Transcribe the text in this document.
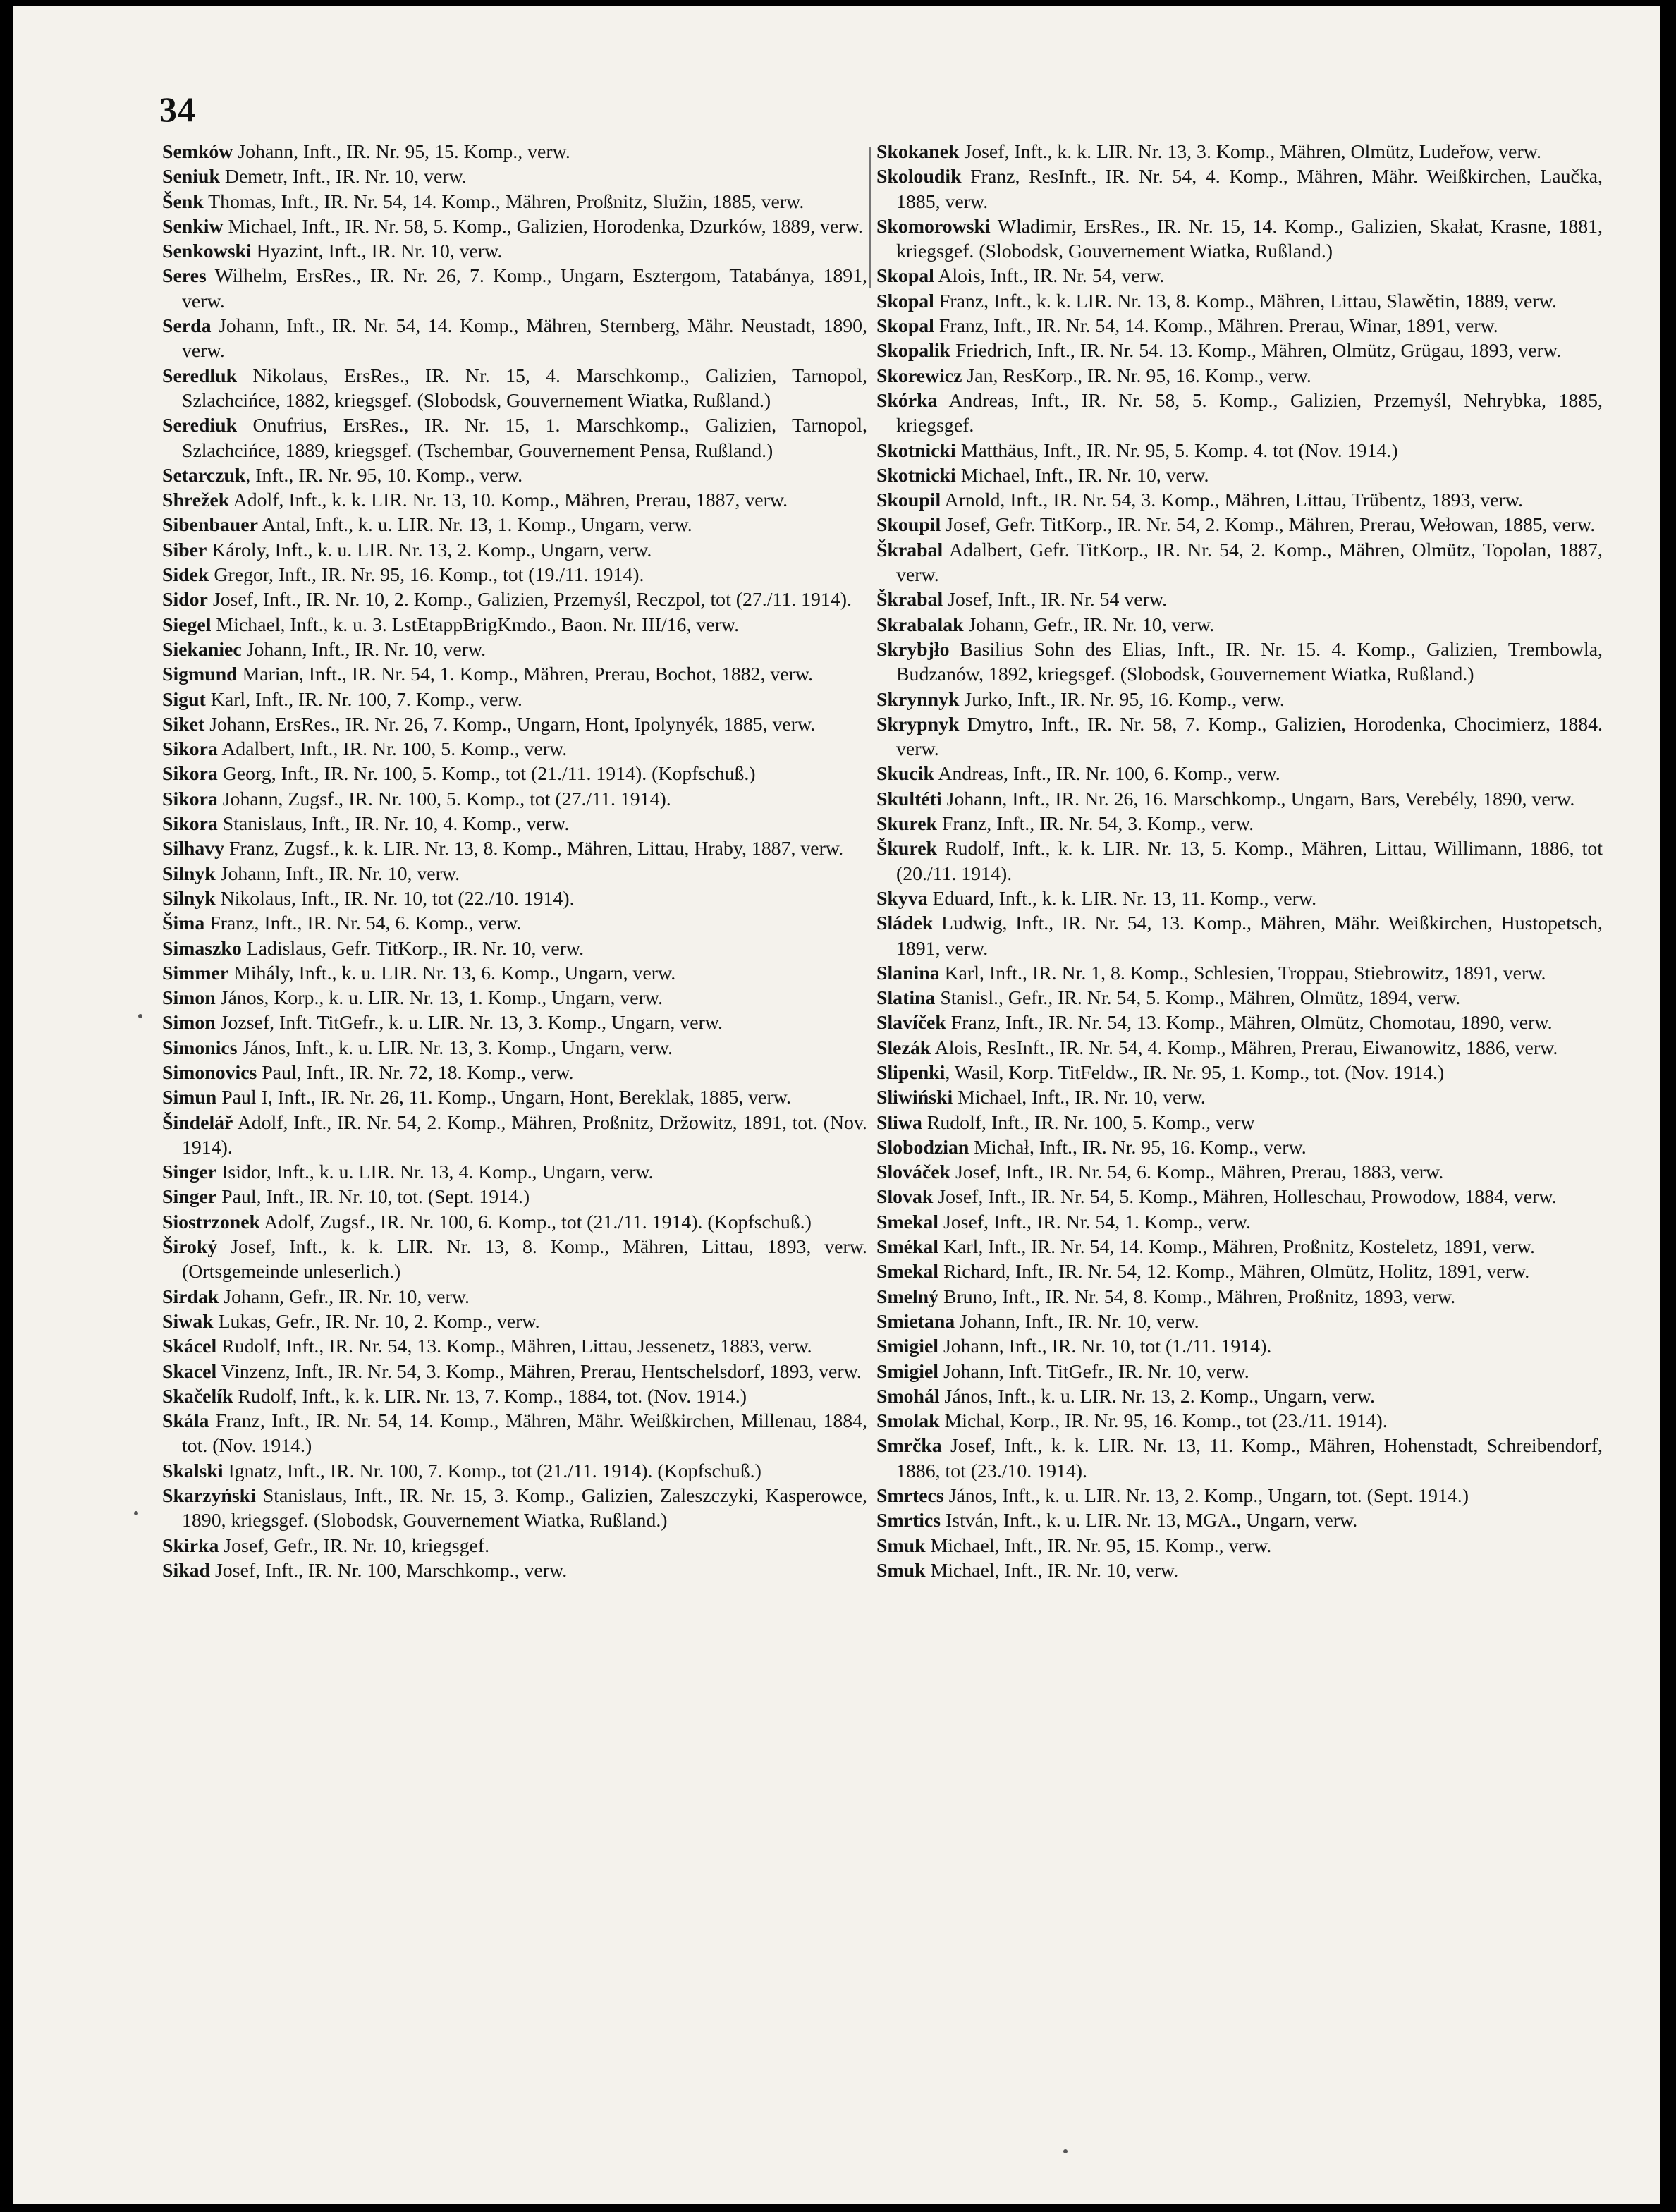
34
Semków Johann, Inft., IR. Nr. 95, 15. Komp., verw.
Seniuk Demetr, Inft., IR. Nr. 10, verw.
Šenk Thomas, Inft., IR. Nr. 54, 14. Komp., Mähren, Proßnitz, Služin, 1885, verw.
Senkiw Michael, Inft., IR. Nr. 58, 5. Komp., Galizien, Horodenka, Dzurków, 1889, verw.
Senkowski Hyazint, Inft., IR. Nr. 10, verw.
Seres Wilhelm, ErsRes., IR. Nr. 26, 7. Komp., Ungarn, Esztergom, Tatabánya, 1891, verw.
Serda Johann, Inft., IR. Nr. 54, 14. Komp., Mähren, Sternberg, Mähr. Neustadt, 1890, verw.
Seredluk Nikolaus, ErsRes., IR. Nr. 15, 4. Marschkomp., Galizien, Tarnopol, Szlachcińce, 1882, kriegsgef. (Slobodsk, Gouvernement Wiatka, Rußland.)
Serediuk Onufrius, ErsRes., IR. Nr. 15, 1. Marschkomp., Galizien, Tarnopol, Szlachcińce, 1889, kriegsgef. (Tschembar, Gouvernement Pensa, Rußland.)
Setarczuk, Inft., IR. Nr. 95, 10. Komp., verw.
Shrežek Adolf, Inft., k. k. LIR. Nr. 13, 10. Komp., Mähren, Prerau, 1887, verw.
Sibenbauer Antal, Inft., k. u. LIR. Nr. 13, 1. Komp., Ungarn, verw.
Siber Károly, Inft., k. u. LIR. Nr. 13, 2. Komp., Ungarn, verw.
Sidek Gregor, Inft., IR. Nr. 95, 16. Komp., tot (19./11. 1914).
Sidor Josef, Inft., IR. Nr. 10, 2. Komp., Galizien, Przemyśl, Reczpol, tot (27./11. 1914).
Siegel Michael, Inft., k. u. 3. LstEtappBrigKmdo., Baon. Nr. III/16, verw.
Siekaniec Johann, Inft., IR. Nr. 10, verw.
Sigmund Marian, Inft., IR. Nr. 54, 1. Komp., Mähren, Prerau, Bochot, 1882, verw.
Sigut Karl, Inft., IR. Nr. 100, 7. Komp., verw.
Siket Johann, ErsRes., IR. Nr. 26, 7. Komp., Ungarn, Hont, Ipolynyék, 1885, verw.
Sikora Adalbert, Inft., IR. Nr. 100, 5. Komp., verw.
Sikora Georg, Inft., IR. Nr. 100, 5. Komp., tot (21./11. 1914). (Kopfschuß.)
Sikora Johann, Zugsf., IR. Nr. 100, 5. Komp., tot (27./11. 1914).
Sikora Stanislaus, Inft., IR. Nr. 10, 4. Komp., verw.
Silhavy Franz, Zugsf., k. k. LIR. Nr. 13, 8. Komp., Mähren, Littau, Hraby, 1887, verw.
Silnyk Johann, Inft., IR. Nr. 10, verw.
Silnyk Nikolaus, Inft., IR. Nr. 10, tot (22./10. 1914).
Šima Franz, Inft., IR. Nr. 54, 6. Komp., verw.
Simaszko Ladislaus, Gefr. TitKorp., IR. Nr. 10, verw.
Simmer Mihály, Inft., k. u. LIR. Nr. 13, 6. Komp., Ungarn, verw.
Simon János, Korp., k. u. LIR. Nr. 13, 1. Komp., Ungarn, verw.
Simon Jozsef, Inft. TitGefr., k. u. LIR. Nr. 13, 3. Komp., Ungarn, verw.
Simonics János, Inft., k. u. LIR. Nr. 13, 3. Komp., Ungarn, verw.
Simonovics Paul, Inft., IR. Nr. 72, 18. Komp., verw.
Simun Paul I, Inft., IR. Nr. 26, 11. Komp., Ungarn, Hont, Bereklak, 1885, verw.
Šindelář Adolf, Inft., IR. Nr. 54, 2. Komp., Mähren, Proßnitz, Držowitz, 1891, tot. (Nov. 1914).
Singer Isidor, Inft., k. u. LIR. Nr. 13, 4. Komp., Ungarn, verw.
Singer Paul, Inft., IR. Nr. 10, tot. (Sept. 1914.)
Siostrzonek Adolf, Zugsf., IR. Nr. 100, 6. Komp., tot (21./11. 1914). (Kopfschuß.)
Široký Josef, Inft., k. k. LIR. Nr. 13, 8. Komp., Mähren, Littau, 1893, verw. (Ortsgemeinde unleserlich.)
Sirdak Johann, Gefr., IR. Nr. 10, verw.
Siwak Lukas, Gefr., IR. Nr. 10, 2. Komp., verw.
Skácel Rudolf, Inft., IR. Nr. 54, 13. Komp., Mähren, Littau, Jessenetz, 1883, verw.
Skacel Vinzenz, Inft., IR. Nr. 54, 3. Komp., Mähren, Prerau, Hentschelsdorf, 1893, verw.
Skačelík Rudolf, Inft., k. k. LIR. Nr. 13, 7. Komp., 1884, tot. (Nov. 1914.)
Skála Franz, Inft., IR. Nr. 54, 14. Komp., Mähren, Mähr. Weißkirchen, Millenau, 1884, tot. (Nov. 1914.)
Skalski Ignatz, Inft., IR. Nr. 100, 7. Komp., tot (21./11. 1914). (Kopfschuß.)
Skarzyński Stanislaus, Inft., IR. Nr. 15, 3. Komp., Galizien, Zaleszczyki, Kasperowce, 1890, kriegsgef. (Slobodsk, Gouvernement Wiatka, Rußland.)
Skirka Josef, Gefr., IR. Nr. 10, kriegsgef.
Sikad Josef, Inft., IR. Nr. 100, Marschkomp., verw.
Skokanek Josef, Inft., k. k. LIR. Nr. 13, 3. Komp., Mähren, Olmütz, Ludeřow, verw.
Skoloudik Franz, ResInft., IR. Nr. 54, 4. Komp., Mähren, Mähr. Weißkirchen, Laučka, 1885, verw.
Skomorowski Wladimir, ErsRes., IR. Nr. 15, 14. Komp., Galizien, Skałat, Krasne, 1881, kriegsgef. (Slobodsk, Gouvernement Wiatka, Rußland.)
Skopal Alois, Inft., IR. Nr. 54, verw.
Skopal Franz, Inft., k. k. LIR. Nr. 13, 8. Komp., Mähren, Littau, Slawětin, 1889, verw.
Skopal Franz, Inft., IR. Nr. 54, 14. Komp., Mähren. Prerau, Winar, 1891, verw.
Skopalik Friedrich, Inft., IR. Nr. 54. 13. Komp., Mähren, Olmütz, Grügau, 1893, verw.
Skorewicz Jan, ResKorp., IR. Nr. 95, 16. Komp., verw.
Skórka Andreas, Inft., IR. Nr. 58, 5. Komp., Galizien, Przemyśl, Nehrybka, 1885, kriegsgef.
Skotnicki Matthäus, Inft., IR. Nr. 95, 5. Komp. 4. tot (Nov. 1914.)
Skotnicki Michael, Inft., IR. Nr. 10, verw.
Skoupil Arnold, Inft., IR. Nr. 54, 3. Komp., Mähren, Littau, Trübentz, 1893, verw.
Skoupil Josef, Gefr. TitKorp., IR. Nr. 54, 2. Komp., Mähren, Prerau, Wełowan, 1885, verw.
Škrabal Adalbert, Gefr. TitKorp., IR. Nr. 54, 2. Komp., Mähren, Olmütz, Topolan, 1887, verw.
Škrabal Josef, Inft., IR. Nr. 54 verw.
Skrabalak Johann, Gefr., IR. Nr. 10, verw.
Skrybjło Basilius Sohn des Elias, Inft., IR. Nr. 15. 4. Komp., Galizien, Trembowla, Budzanów, 1892, kriegsgef. (Slobodsk, Gouvernement Wiatka, Rußland.)
Skrynnyk Jurko, Inft., IR. Nr. 95, 16. Komp., verw.
Skrypnyk Dmytro, Inft., IR. Nr. 58, 7. Komp., Galizien, Horodenka, Chocimierz, 1884. verw.
Skucik Andreas, Inft., IR. Nr. 100, 6. Komp., verw.
Skultéti Johann, Inft., IR. Nr. 26, 16. Marschkomp., Ungarn, Bars, Verebély, 1890, verw.
Skurek Franz, Inft., IR. Nr. 54, 3. Komp., verw.
Škurek Rudolf, Inft., k. k. LIR. Nr. 13, 5. Komp., Mähren, Littau, Willimann, 1886, tot (20./11. 1914).
Skyva Eduard, Inft., k. k. LIR. Nr. 13, 11. Komp., verw.
Sládek Ludwig, Inft., IR. Nr. 54, 13. Komp., Mähren, Mähr. Weißkirchen, Hustopetsch, 1891, verw.
Slanina Karl, Inft., IR. Nr. 1, 8. Komp., Schlesien, Troppau, Stiebrowitz, 1891, verw.
Slatina Stanisl., Gefr., IR. Nr. 54, 5. Komp., Mähren, Olmütz, 1894, verw.
Slavíček Franz, Inft., IR. Nr. 54, 13. Komp., Mähren, Olmütz, Chomotau, 1890, verw.
Slezák Alois, ResInft., IR. Nr. 54, 4. Komp., Mähren, Prerau, Eiwanowitz, 1886, verw.
Slipenki, Wasil, Korp. TitFeldw., IR. Nr. 95, 1. Komp., tot. (Nov. 1914.)
Sliwiński Michael, Inft., IR. Nr. 10, verw.
Sliwa Rudolf, Inft., IR. Nr. 100, 5. Komp., verw
Slobodzian Michał, Inft., IR. Nr. 95, 16. Komp., verw.
Slováček Josef, Inft., IR. Nr. 54, 6. Komp., Mähren, Prerau, 1883, verw.
Slovak Josef, Inft., IR. Nr. 54, 5. Komp., Mähren, Holleschau, Prowodow, 1884, verw.
Smekal Josef, Inft., IR. Nr. 54, 1. Komp., verw.
Smékal Karl, Inft., IR. Nr. 54, 14. Komp., Mähren, Proßnitz, Kosteletz, 1891, verw.
Smekal Richard, Inft., IR. Nr. 54, 12. Komp., Mähren, Olmütz, Holitz, 1891, verw.
Smelný Bruno, Inft., IR. Nr. 54, 8. Komp., Mähren, Proßnitz, 1893, verw.
Smietana Johann, Inft., IR. Nr. 10, verw.
Smigiel Johann, Inft., IR. Nr. 10, tot (1./11. 1914).
Smigiel Johann, Inft. TitGefr., IR. Nr. 10, verw.
Smohál János, Inft., k. u. LIR. Nr. 13, 2. Komp., Ungarn, verw.
Smolak Michal, Korp., IR. Nr. 95, 16. Komp., tot (23./11. 1914).
Smrčka Josef, Inft., k. k. LIR. Nr. 13, 11. Komp., Mähren, Hohenstadt, Schreibendorf, 1886, tot (23./10. 1914).
Smrtecs János, Inft., k. u. LIR. Nr. 13, 2. Komp., Ungarn, tot. (Sept. 1914.)
Smrtics István, Inft., k. u. LIR. Nr. 13, MGA., Ungarn, verw.
Smuk Michael, Inft., IR. Nr. 95, 15. Komp., verw.
Smuk Michael, Inft., IR. Nr. 10, verw.
